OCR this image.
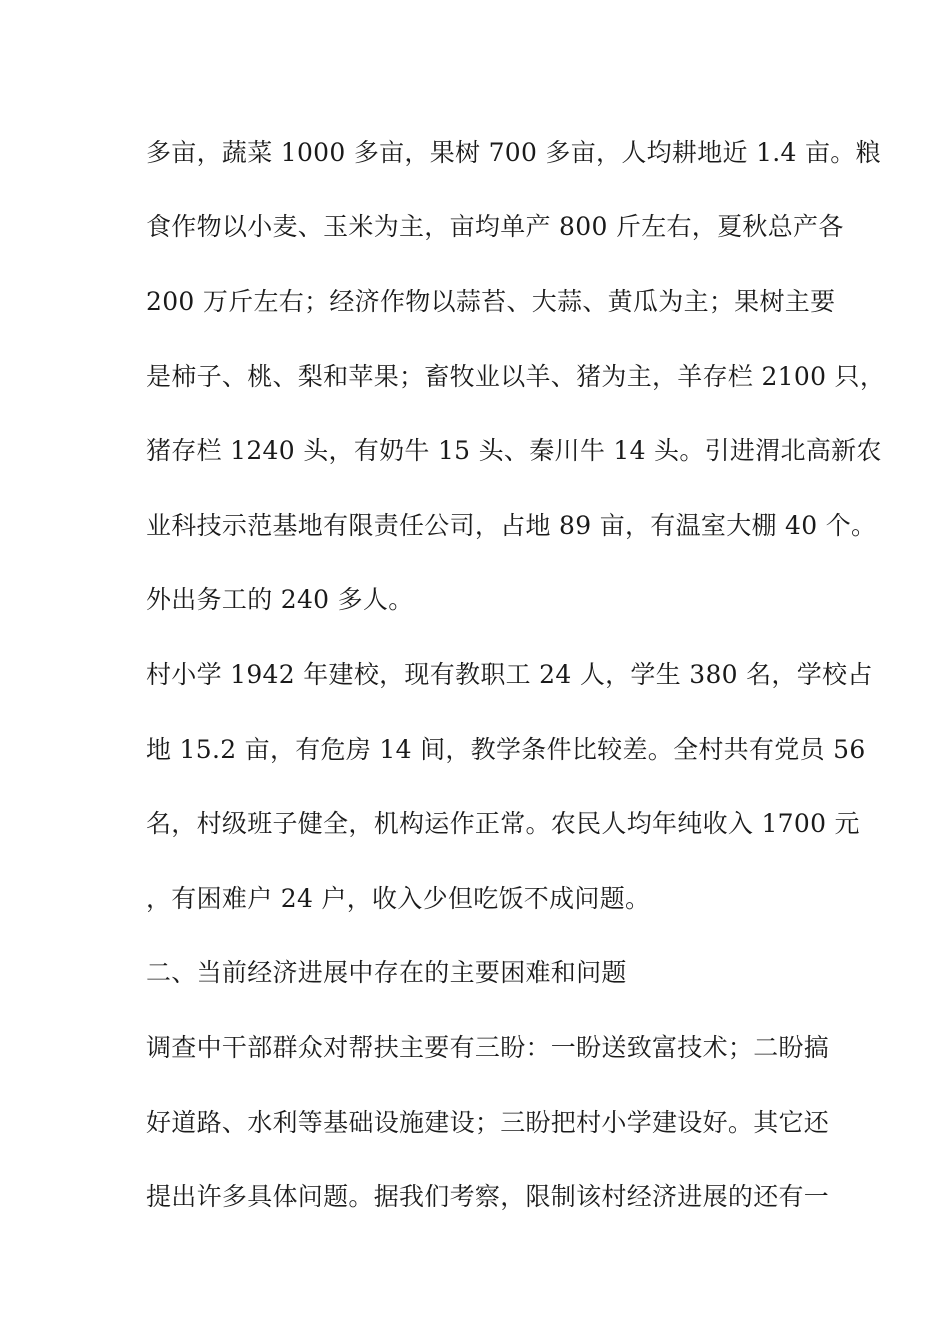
多亩，蔬菜 1000 多亩，果树 700 多亩，人均耕地近 1.4 亩。粮
食作物以小麦、玉米为主，亩均单产 800 斤左右，夏秋总产各
200 万斤左右；经济作物以蒜苔、大蒜、黄瓜为主；果树主要
是柿子、桃、梨和苹果；畜牧业以羊、猪为主，羊存栏 2100 只，
猪存栏 1240 头，有奶牛 15 头、秦川牛 14 头。引进渭北高新农
业科技示范基地有限责任公司，占地 89 亩，有温室大棚 40 个。
外出务工的 240 多人。
村小学 1942 年建校，现有教职工 24 人，学生 380 名，学校占
地 15.2 亩，有危房 14 间，教学条件比较差。全村共有党员 56
名，村级班子健全，机构运作正常。农民人均年纯收入 1700 元
，有困难户 24 户，收入少但吃饭不成问题。
二、当前经济进展中存在的主要困难和问题
调查中干部群众对帮扶主要有三盼：一盼送致富技术；二盼搞
好道路、水利等基础设施建设；三盼把村小学建设好。其它还
提出许多具体问题。据我们考察，限制该村经济进展的还有一
